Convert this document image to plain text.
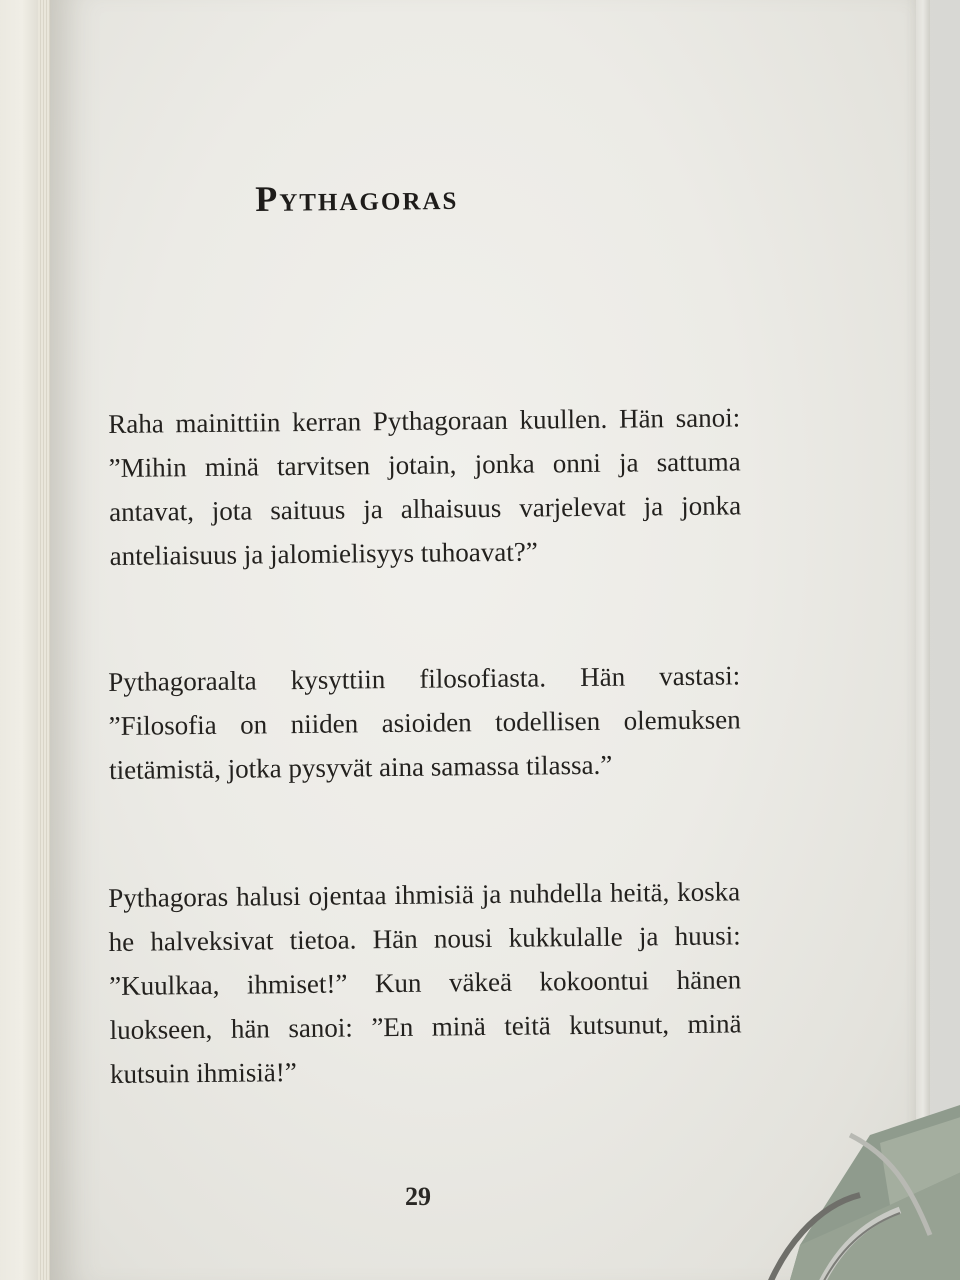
Pythagoras

Raha mainittiin kerran Pythagoraan kuullen. Hän sanoi: ”Mihin minä tarvitsen jotain, jonka onni ja sattuma antavat, jota saituus ja alhaisuus varjelevat ja jonka anteliaisuus ja jalomielisyys tuhoavat?”

Pythagoraalta kysyttiin filosofiasta. Hän vastasi: ”Filosofia on niiden asioiden todellisen olemuksen tietämistä, jotka pysyvät aina samassa tilassa.”

Pythagoras halusi ojentaa ihmisiä ja nuhdella heitä, koska he halveksivat tietoa. Hän nousi kukkulalle ja huusi: ”Kuulkaa, ihmiset!” Kun väkeä kokoontui hänen luokseen, hän sanoi: ”En minä teitä kutsunut, minä kutsuin ihmisiä!”

29
